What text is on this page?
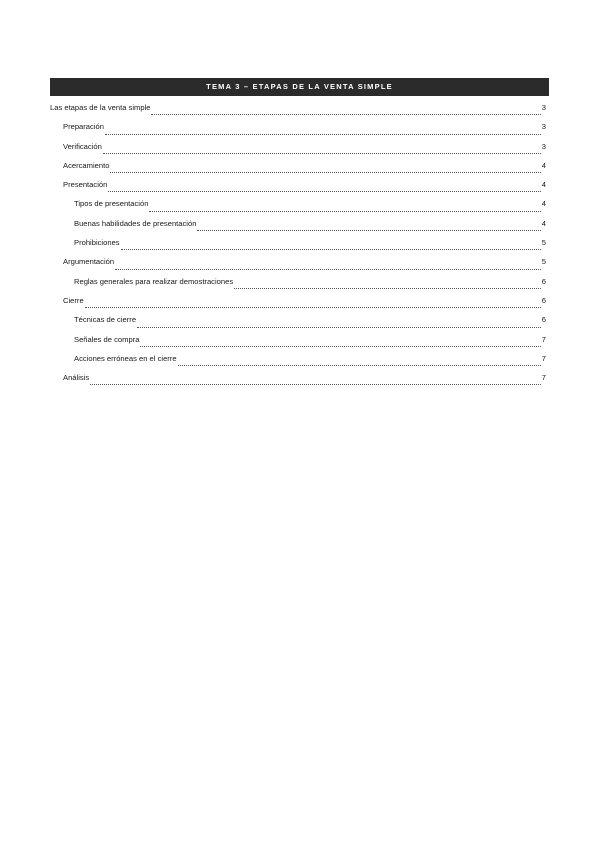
TEMA 3 – ETAPAS DE LA VENTA SIMPLE
Las etapas de la venta simple	3
Preparación	3
Verificación	3
Acercamiento	4
Presentación	4
Tipos de presentación	4
Buenas habilidades de presentación	4
Prohibiciones	5
Argumentación	5
Reglas generales para realizar demostraciones	6
Cierre	6
Técnicas de cierre	6
Señales de compra	7
Acciones erróneas en el cierre	7
Análisis	7
